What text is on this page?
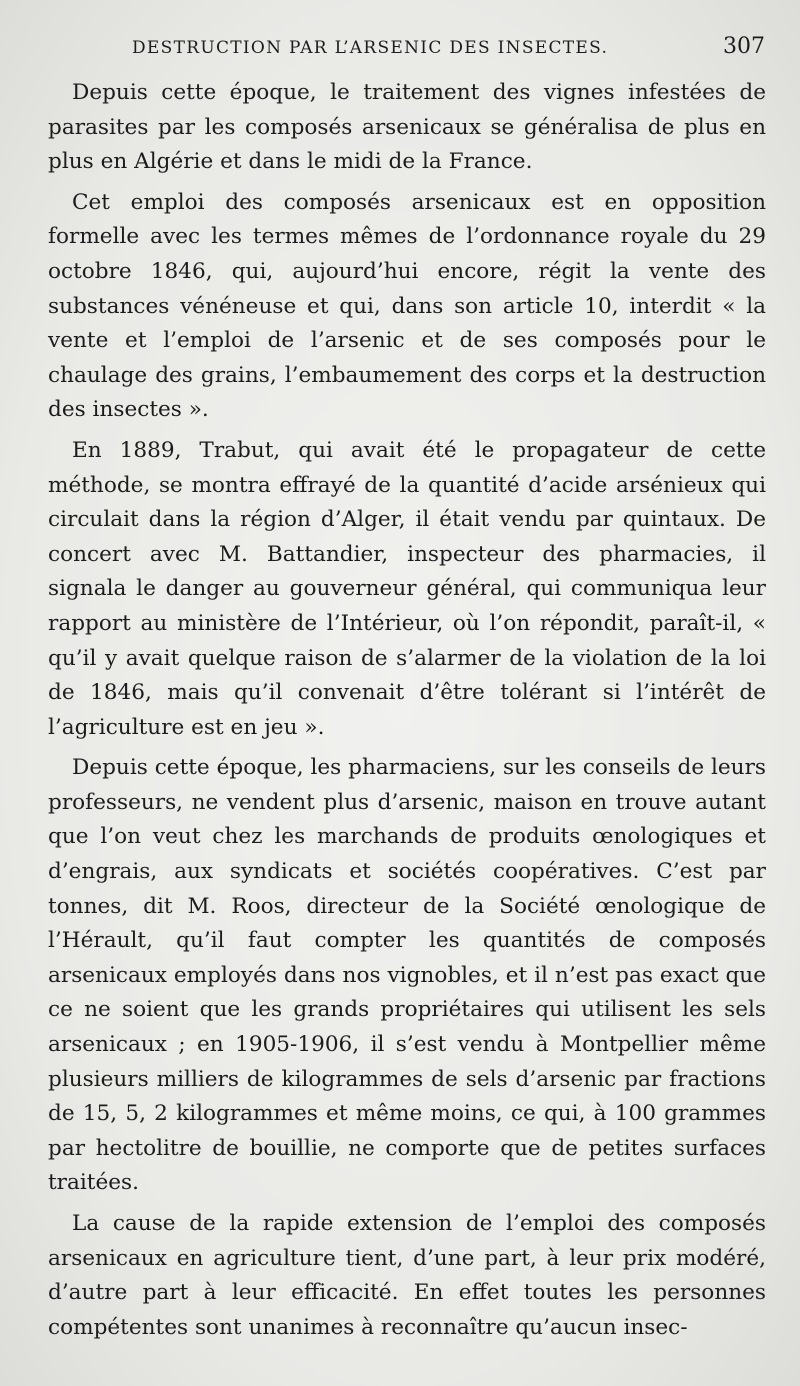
DESTRUCTION PAR L’ARSENIC DES INSECTES.	307

Depuis cette époque, le traitement des vignes infestées de parasites par les composés arsenicaux se généralisa de plus en plus en Algérie et dans le midi de la France.

Cet emploi des composés arsenicaux est en opposition formelle avec les termes mêmes de l’ordonnance royale du 29 octobre 1846, qui, aujourd’hui encore, régit la vente des substances vénéneuse et qui, dans son article 10, interdit « la vente et l’emploi de l’arsenic et de ses composés pour le chaulage des grains, l’embaumement des corps et la destruction des insectes ».

En 1889, Trabut, qui avait été le propagateur de cette méthode, se montra effrayé de la quantité d’acide arsénieux qui circulait dans la région d’Alger, il était vendu par quintaux. De concert avec M. Battandier, inspecteur des pharmacies, il signala le danger au gouverneur général, qui communiqua leur rapport au ministère de l’Intérieur, où l’on répondit, paraît-il, « qu’il y avait quelque raison de s’alarmer de la violation de la loi de 1846, mais qu’il convenait d’être tolérant si l’intérêt de l’agriculture est en jeu ».

Depuis cette époque, les pharmaciens, sur les conseils de leurs professeurs, ne vendent plus d’arsenic, maison en trouve autant que l’on veut chez les marchands de produits œnologiques et d’engrais, aux syndicats et sociétés coopératives. C’est par tonnes, dit M. Roos, directeur de la Société œnologique de l’Hérault, qu’il faut compter les quantités de composés arsenicaux employés dans nos vignobles, et il n’est pas exact que ce ne soient que les grands propriétaires qui utilisent les sels arsenicaux ; en 1905-1906, il s’est vendu à Montpellier même plusieurs milliers de kilogrammes de sels d’arsenic par fractions de 15, 5, 2 kilogrammes et même moins, ce qui, à 100 grammes par hectolitre de bouillie, ne comporte que de petites surfaces traitées.

La cause de la rapide extension de l’emploi des composés arsenicaux en agriculture tient, d’une part, à leur prix modéré, d’autre part à leur efficacité. En effet toutes les personnes compétentes sont unanimes à reconnaître qu’aucun insec-
